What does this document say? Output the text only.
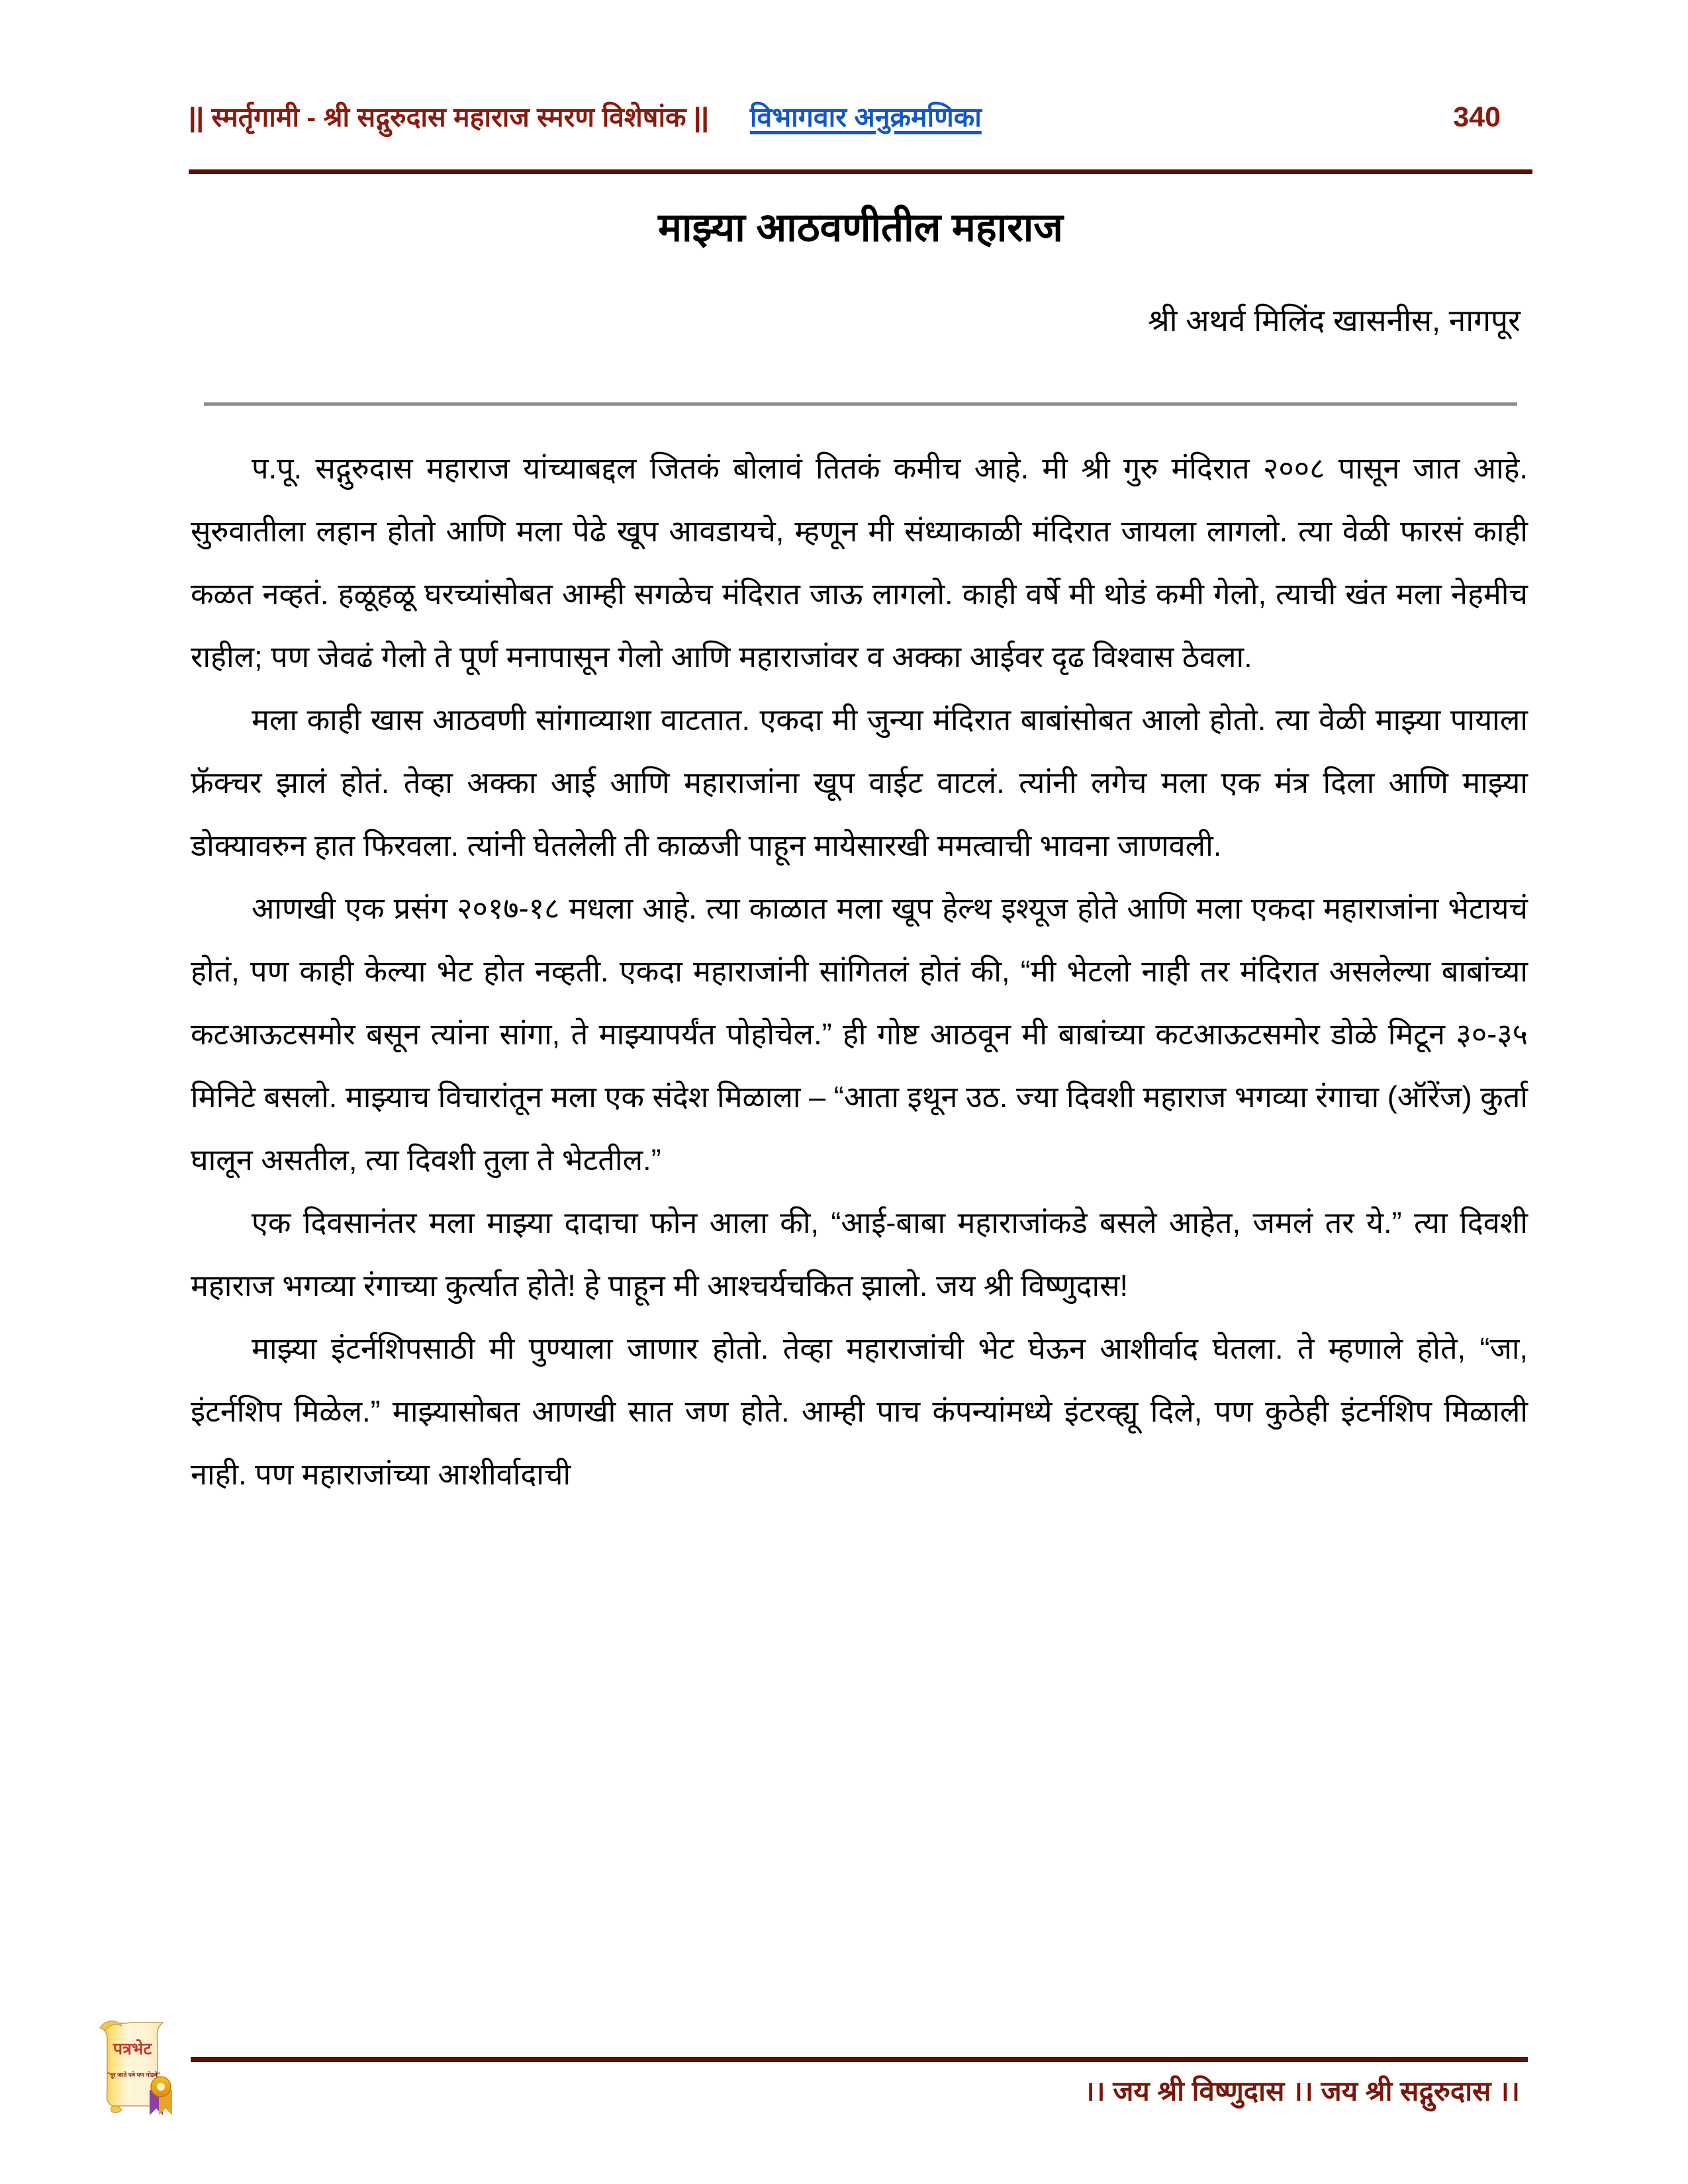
|| स्मर्तृगामी - श्री सद्गुरुदास महाराज स्मरण विशेषांक || विभागवार अनुक्रमणिका	340
माझ्या आठवणीतील महाराज
श्री अथर्व मिलिंद खासनीस, नागपूर

प.पू. सद्गुरुदास महाराज यांच्याबद्दल जितकं बोलावं तितकं कमीच आहे. मी श्री गुरु मंदिरात २००८ पासून जात आहे. सुरुवातीला लहान होतो आणि मला पेढे खूप आवडायचे, म्हणून मी संध्याकाळी मंदिरात जायला लागलो. त्या वेळी फारसं काही कळत नव्हतं. हळूहळू घरच्यांसोबत आम्ही सगळेच मंदिरात जाऊ लागलो. काही वर्षे मी थोडं कमी गेलो, त्याची खंत मला नेहमीच राहील; पण जेवढं गेलो ते पूर्ण मनापासून गेलो आणि महाराजांवर व अक्का आईवर दृढ विश्वास ठेवला.

मला काही खास आठवणी सांगाव्याशा वाटतात. एकदा मी जुन्या मंदिरात बाबांसोबत आलो होतो. त्या वेळी माझ्या पायाला फ्रॅक्चर झालं होतं. तेव्हा अक्का आई आणि महाराजांना खूप वाईट वाटलं. त्यांनी लगेच मला एक मंत्र दिला आणि माझ्या डोक्यावरुन हात फिरवला. त्यांनी घेतलेली ती काळजी पाहून मायेसारखी ममत्वाची भावना जाणवली.

आणखी एक प्रसंग २०१७-१८ मधला आहे. त्या काळात मला खूप हेल्थ इश्यूज होते आणि मला एकदा महाराजांना भेटायचं होतं, पण काही केल्या भेट होत नव्हती. एकदा महाराजांनी सांगितलं होतं की, “मी भेटलो नाही तर मंदिरात असलेल्या बाबांच्या कटआऊटसमोर बसून त्यांना सांगा, ते माझ्यापर्यंत पोहोचेल.” ही गोष्ट आठवून मी बाबांच्या कटआऊटसमोर डोळे मिटून ३०-३५ मिनिटे बसलो. माझ्याच विचारांतून मला एक संदेश मिळाला – “आता इथून उठ. ज्या दिवशी महाराज भगव्या रंगाचा (ऑरेंज) कुर्ता घालून असतील, त्या दिवशी तुला ते भेटतील.”

एक दिवसानंतर मला माझ्या दादाचा फोन आला की, “आई-बाबा महाराजांकडे बसले आहेत, जमलं तर ये.” त्या दिवशी महाराज भगव्या रंगाच्या कुर्त्यात होते! हे पाहून मी आश्चर्यचकित झालो. जय श्री विष्णुदास!

माझ्या इंटर्नशिपसाठी मी पुण्याला जाणार होतो. तेव्हा महाराजांची भेट घेऊन आशीर्वाद घेतला. ते म्हणाले होते, “जा, इंटर्नशिप मिळेल.” माझ्यासोबत आणखी सात जण होते. आम्ही पाच कंपन्यांमध्ये इंटरव्ह्यू दिले, पण कुठेही इंटर्नशिप मिळाली नाही. पण महाराजांच्या आशीर्वादाची

।। जय श्री विष्णुदास ।। जय श्री सद्गुरुदास ।।
पत्रभेट
"दूर जाते पत्रे पण गोडवे"
